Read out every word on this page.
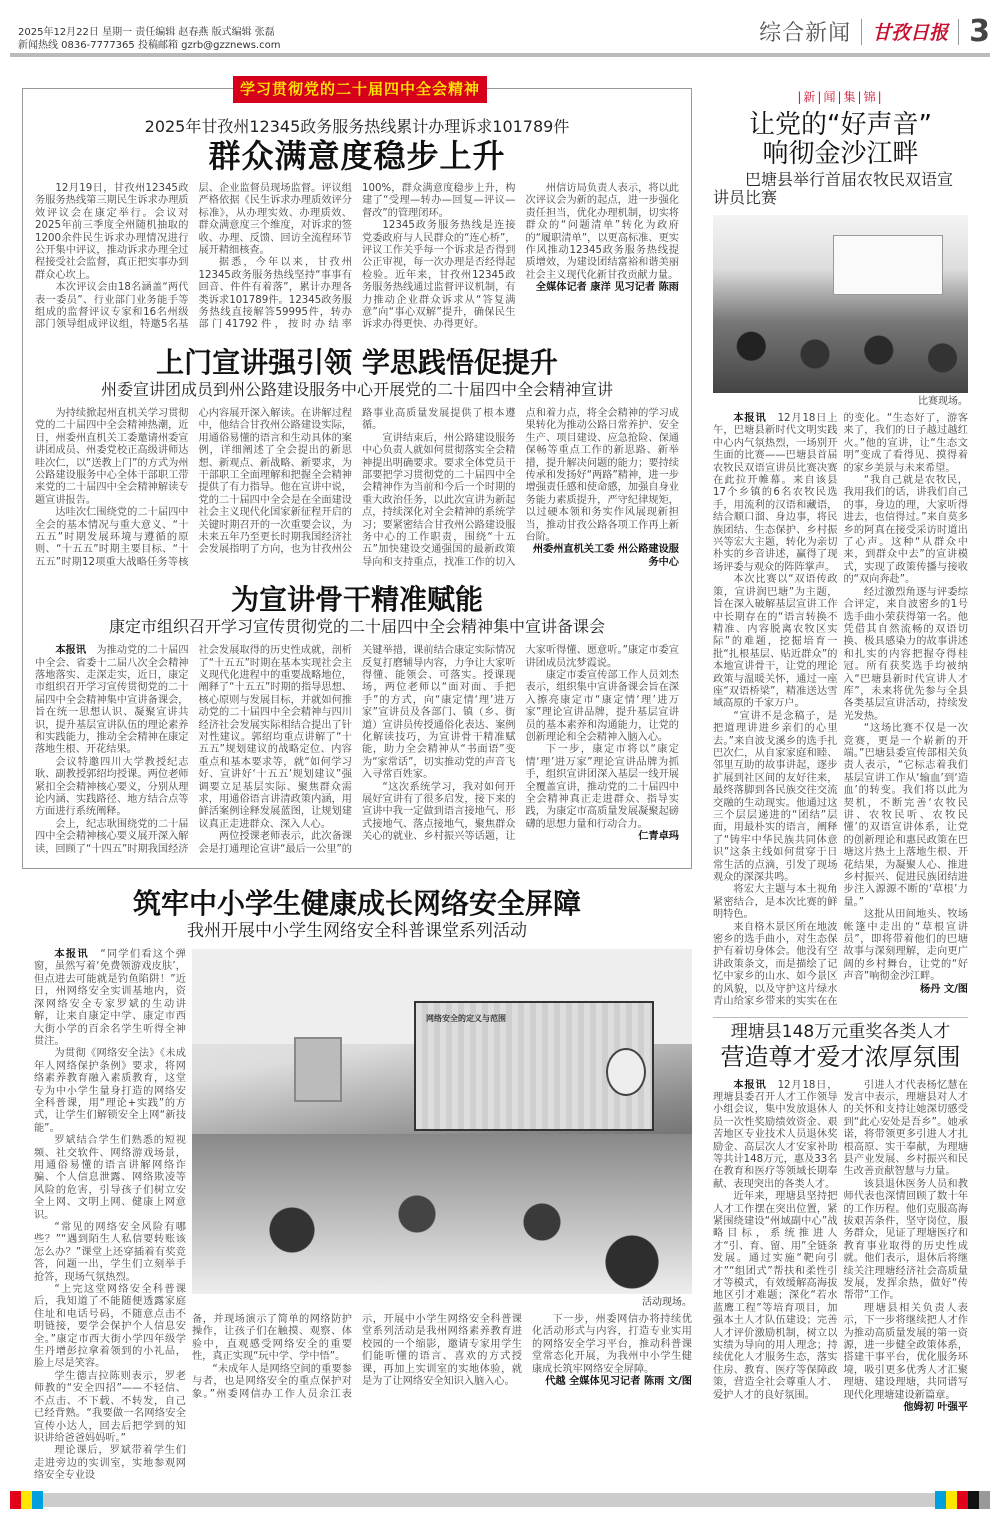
2025年12月22日 星期一 责任编辑 赵春燕 版式编辑 张磊
新闻热线 0836-7777365 投稿邮箱 gzrb@gzznews.com	综合新闻 甘孜日报 3
学习贯彻党的二十届四中全会精神
2025年甘孜州12345政务服务热线累计办理诉求101789件
群众满意度稳步上升

12月19日，甘孜州12345政务服务热线第三期民生诉求办理质效评议会在康定举行。会议对2025年前三季度全州随机抽取的1200余件民生诉求办理情况进行公开集中评议，推动诉求办理全过程接受社会监督，真正把实事办到群众心坎上。

本次评议会由18名涵盖“两代表一委员”、行业部门业务能手等组成的监督评议专家和16名州级部门领导组成评议组，特邀5名基层、企业监督员现场监督。评议组严格依据《民生诉求办理质效评分标准》，从办理实效、办理质效、群众满意度三个维度，对诉求的签收、办理、反馈、回访全流程环节展开精细核查。

据悉，今年以来，甘孜州12345政务服务热线坚持“事事有回音、件件有着落”，累计办理各类诉求101789件。12345政务服务热线直接解答59995件，转办部门41792件，按时办结率100%，群众满意度稳步上升，构建了“受理—转办—回复—评议—督改”的管理闭环。

12345政务服务热线是连接党委政府与人民群众的“连心桥”，评议工作关乎每一个诉求是否得到公正审视，每一次办理是否经得起检验。近年来，甘孜州12345政务服务热线通过监督评议机制，有力推动企业群众诉求从“答复满意”向“事心双解”提升，确保民生诉求办得更快、办得更好。

州信访局负责人表示，将以此次评议会为新的起点，进一步强化责任担当，优化办理机制，切实将群众的“问题清单”转化为政府的“履职清单”，以更高标准、更实作风推动12345政务服务热线提质增效，为建设团结富裕和谐美丽社会主义现代化新甘孜贡献力量。

全媒体记者 康洋 见习记者 陈雨

上门宣讲强引领 学思践悟促提升
州委宣讲团成员到州公路建设服务中心开展党的二十届四中全会精神宣讲

为持续掀起州直机关学习贯彻党的二十届四中全会精神热潮，近日，州委州直机关工委邀请州委宣讲团成员、州委党校正高级讲师达哇次仁，以“送教上门”的方式为州公路建设服务中心全体干部职工带来党的二十届四中全会精神解读专题宣讲报告。

达哇次仁围绕党的二十届四中全会的基本情况与重大意义、“十五五”时期发展环境与遵循的原则、“十五五”时期主要目标、“十五五”时期12项重大战略任务等核心内容展开深入解读。在讲解过程中，他结合甘孜州公路建设实际，用通俗易懂的语言和生动具体的案例，详细阐述了全会提出的新思想、新观点、新战略、新要求，为干部职工全面理解和把握全会精神提供了有力指导。他在宣讲中说，党的二十届四中全会是在全面建设社会主义现代化国家新征程开启的关键时期召开的一次重要会议，为未来五年乃至更长时期我国经济社会发展指明了方向，也为甘孜州公路事业高质量发展提供了根本遵循。

宣讲结束后，州公路建设服务中心负责人就如何贯彻落实全会精神提出明确要求。要求全体党员干部要把学习贯彻党的二十届四中全会精神作为当前和今后一个时期的重大政治任务，以此次宣讲为新起点，持续深化对全会精神的系统学习；要紧密结合甘孜州公路建设服务中心的工作职责，围绕“十五五”加快建设交通强国的最新政策导向和支持重点，找准工作的切入点和着力点，将全会精神的学习成果转化为推动公路日常养护、安全生产、项目建设、应急抢险、保通保畅等重点工作的新思路、新举措，提升解决问题的能力；要持续传承和发扬好“两路”精神，进一步增强责任感和使命感，加强自身业务能力素质提升，严守纪律规矩，以过硬本领和务实作风展现新担当，推动甘孜公路各项工作再上新台阶。

州委州直机关工委 州公路建设服务中心

为宣讲骨干精准赋能
康定市组织召开学习宣传贯彻党的二十届四中全会精神集中宣讲备课会

本报讯　 为推动党的二十届四中全会、省委十二届八次全会精神落地落实、走深走实，近日，康定市组织召开学习宣传贯彻党的二十届四中全会精神集中宣讲备课会，旨在统一思想认识、凝聚宣讲共识，提升基层宣讲队伍的理论素养和实践能力，推动全会精神在康定落地生根、开花结果。

会议特邀四川大学教授纪志耿、副教授郭绍均授课。两位老师紧扣全会精神核心要义，分别从理论内涵、实践路径、地方结合点等方面进行系统阐释。

会上，纪志耿围绕党的二十届四中全会精神核心要义展开深入解读，回顾了“十四五”时期我国经济社会发展取得的历史性成就，剖析了“十五五”时期在基本实现社会主义现代化进程中的重要战略地位，阐释了“十五五”时期的指导思想、核心原则与发展目标，并就如何推动党的二十届四中全会精神与四川经济社会发展实际相结合提出了针对性建议。郭绍均重点讲解了“十五五”规划建议的战略定位、内容重点和基本要求等，就“如何学习好、宣讲好‘十五五’规划建议”强调要立足基层实际、聚焦群众需求，用通俗语言讲清政策内涵，用鲜活案例诠释发展蓝图，让规划建议真正走进群众、深入人心。

两位授课老师表示，此次备课会是打通理论宣讲“最后一公里”的关键举措，课前结合康定实际情况反复打磨辅导内容，力争让大家听得懂、能领会、可落实。授课现场，两位老师以“面对面、手把手”的方式，向“康定情‘理’进万家”宣讲员及各部门、镇（乡、街道）宣讲员传授通俗化表达、案例化解读技巧，为宣讲骨干精准赋能，助力全会精神从“书面语”变为“家常话”，切实推动党的声音飞入寻常百姓家。

“这次系统学习，我对如何开展好宣讲有了很多启发，接下来的宣讲中我一定做到语言接地气、形式接地气、落点接地气，聚焦群众关心的就业、乡村振兴等话题，让大家听得懂、愿意听。”康定市委宣讲团成员沈梦霞说。

康定市委宣传部工作人员刘杰表示，组织集中宣讲备课会旨在深入擦亮康定市“康定情‘理’进万家”理论宣讲品牌，提升基层宣讲员的基本素养和沟通能力，让党的创新理论和全会精神入脑入心。

下一步，康定市将以“康定情‘理’进万家”理论宣讲品牌为抓手，组织宣讲团深入基层一线开展全覆盖宣讲，推动党的二十届四中全会精神真正走进群众、指导实践，为康定市高质量发展凝聚起磅礴的思想力量和行动合力。

仁青卓玛

筑牢中小学生健康成长网络安全屏障
我州开展中小学生网络安全科普课堂系列活动

本报讯　 “同学们看这个弹窗，虽然写着‘免费领游戏皮肤’，但点进去可能就是钓鱼陷阱！”近日，州网络安全实训基地内，资深网络安全专家罗斌的生动讲解，让来自康定中学、康定市西大街小学的百余名学生听得全神贯注。

为贯彻《网络安全法》《未成年人网络保护条例》要求，将网络素养教育融入素质教育，这堂专为中小学生量身打造的网络安全科普课，用“理论+实践”的方式，让学生们解锁安全上网“新技能”。

罗斌结合学生们熟悉的短视频、社交软件、网络游戏场景，用通俗易懂的语言讲解网络诈骗、个人信息泄露、网络欺凌等风险的危害，引导孩子们树立安全上网、文明上网、健康上网意识。

“常见的网络安全风险有哪些？”“遇到陌生人私信要转账该怎么办？”课堂上还穿插着有奖竞答，问题一出，学生们立刻举手抢答，现场气氛热烈。

“上完这堂网络安全科普课后，我知道了不能随便透露家庭住址和电话号码，不随意点击不明链接，要学会保护个人信息安全。”康定市西大街小学四年级学生丹增彭拉拿着领到的小礼品，脸上尽是笑容。

学生德吉拉陈则表示，罗老师教的“安全四招”——不轻信、不点击、不下载、不转发，自己已经背熟。“我要做一名网络安全宣传小达人，回去后把学到的知识讲给爸爸妈妈听。”

理论课后，罗斌带着学生们走进旁边的实训室，实地参观网络安全专业设

网络安全的定义与范围
活动现场。

备，并现场演示了简单的网络防护操作，让孩子们在触摸、观察、体验中，直观感受网络安全的重要性，真正实现“玩中学、学中悟”。

“未成年人是网络空间的重要参与者，也是网络安全的重点保护对象。”州委网信办工作人员余江表示，开展中小学生网络安全科普课堂系列活动是我州网络素养教育进校园的一个缩影，邀请专家用学生们能听懂的语言、喜欢的方式授课，再加上实训室的实地体验，就是为了让网络安全知识入脑入心。

下一步，州委网信办将持续优化活动形式与内容，打造专业实用的网络安全学习平台，推动科普课堂常态化开展，为我州中小学生健康成长筑牢网络安全屏障。

代越 全媒体见习记者 陈雨 文/图

|新|闻|集|锦|
让党的“好声音”
响彻金沙江畔
巴塘县举行首届农牧民双语宣讲员比赛
比赛现场。

本报讯　 12月18日上午，巴塘县新时代文明实践中心内气氛热烈，一场别开生面的比赛——巴塘县首届农牧民双语宣讲员比赛决赛在此拉开帷幕。来自该县17个乡镇的6名农牧民选手，用流利的汉语和藏语，结合顺口溜、身边事，将民族团结、生态保护、乡村振兴等宏大主题，转化为亲切朴实的乡音讲述，赢得了现场评委与观众的阵阵掌声。

本次比赛以“双语传政策，宣讲润巴塘”为主题，旨在深入破解基层宣讲工作中长期存在的“语言转换不精准、内容脱离农牧区实际”的难题，挖掘培育一批“扎根基层、贴近群众”的本地宣讲骨干，让党的理论政策与温暖关怀，通过一座座“双语桥梁”，精准送达雪域高原的千家万户。

“宣讲不是念稿子，是把道理讲进乡亲们的心里去。”来自波戈溪乡的选手扎巴次仁，从自家家庭和睦、邻里互助的故事讲起，逐步扩展到社区间的友好往来，最终落脚到各民族交往交流交融的生动现实。他通过这三个层层递进的“团结”层面，用最朴实的语言，阐释了“铸牢中华民族共同体意识”这条主线如何贯穿于日常生活的点滴，引发了现场观众的深深共鸣。

将宏大主题与本土视角紧密结合，是本次比赛的鲜明特色。

来自格木景区所在地波密乡的选手曲小，对生态保护有着切身体会。他没有空讲政策条文，而是描绘了记忆中家乡的山水、如今景区的风貌，以及守护这片绿水青山给家乡带来的实实在在的变化。“生态好了，游客来了，我们的日子越过越红火。”他的宣讲，让“生态文明”变成了看得见、摸得着的家乡美景与未来希望。

“我自己就是农牧民，我用我们的话，讲我们自己的事，身边的理，大家听得进去，也信得过。”来自莫多乡的阿真在接受采访时道出了心声。这种“从群众中来，到群众中去”的宣讲模式，实现了政策传播与接收的“双向奔赴”。

经过激烈角逐与评委综合评定，来自波密乡的1号选手曲小荣获得第一名。他凭借其自然流畅的双语切换、极具感染力的故事讲述和扎实的内容把握夺得桂冠。所有获奖选手均被纳入“巴塘县新时代宣讲人才库”，未来将优先参与全县各类基层宣讲活动，持续发光发热。

“这场比赛不仅是一次竞赛，更是一个崭新的开端。”巴塘县委宣传部相关负责人表示，“它标志着我们基层宣讲工作从‘输血’到‘造血’的转变。我们将以此为契机，不断完善‘农牧民讲、农牧民听、农牧民懂’的双语宣讲体系，让党的创新理论和惠民政策在巴塘这片热土上落地生根、开花结果，为凝聚人心、推进乡村振兴、促进民族团结进步注入源源不断的‘草根’力量。”

这批从田间地头、牧场帐篷中走出的“草根宣讲员”，即将带着他们的巴塘故事与深刻理解，走向更广阔的乡村舞台，让党的“好声音”响彻金沙江畔。

杨丹 文/图

理塘县148万元重奖各类人才
营造尊才爱才浓厚氛围

本报讯　 12月18日，理塘县委召开人才工作领导小组会议，集中发放退休人员一次性奖励绩效资金、艰苦地区专业技术人员退休奖励金、高层次人才安家补助等共计148万元，惠及33名在教育和医疗等领域长期奉献、表现突出的各类人才。

近年来，理塘县坚持把人才工作摆在突出位置，紧紧围绕建设“州域副中心”战略目标，系统推进人才“引、育、留、用”全链条发展。通过实施“靶向引才”“组团式”帮扶和柔性引才等模式，有效缓解高海拔地区引才难题；深化“若水蓝鹰工程”等培育项目，加强本土人才队伍建设；完善人才评价激励机制，树立以实绩为导向的用人理念；持续优化人才服务生态，落实住房、教育、医疗等保障政策，营造全社会尊重人才、爱护人才的良好氛围。

引进人才代表杨忆慧在发言中表示，理塘县对人才的关怀和支持让她深切感受到“此心安处是吾乡”。她承诺，将带领更多引进人才扎根高原、实干奉献，为理塘县产业发展、乡村振兴和民生改善贡献智慧与力量。

该县退休医务人员和教师代表也深情回顾了数十年的工作历程。他们克服高海拔艰苦条件，坚守岗位，服务群众，见证了理塘医疗和教育事业取得的历史性成就。他们表示，退休后将继续关注理塘经济社会高质量发展，发挥余热，做好“传帮带”工作。

理塘县相关负责人表示，下一步将继续把人才作为推动高质量发展的第一资源，进一步健全政策体系，搭建干事平台，优化服务环境，吸引更多优秀人才汇聚理塘、建设理塘，共同谱写现代化理塘建设新篇章。

他姆初 叶强平
